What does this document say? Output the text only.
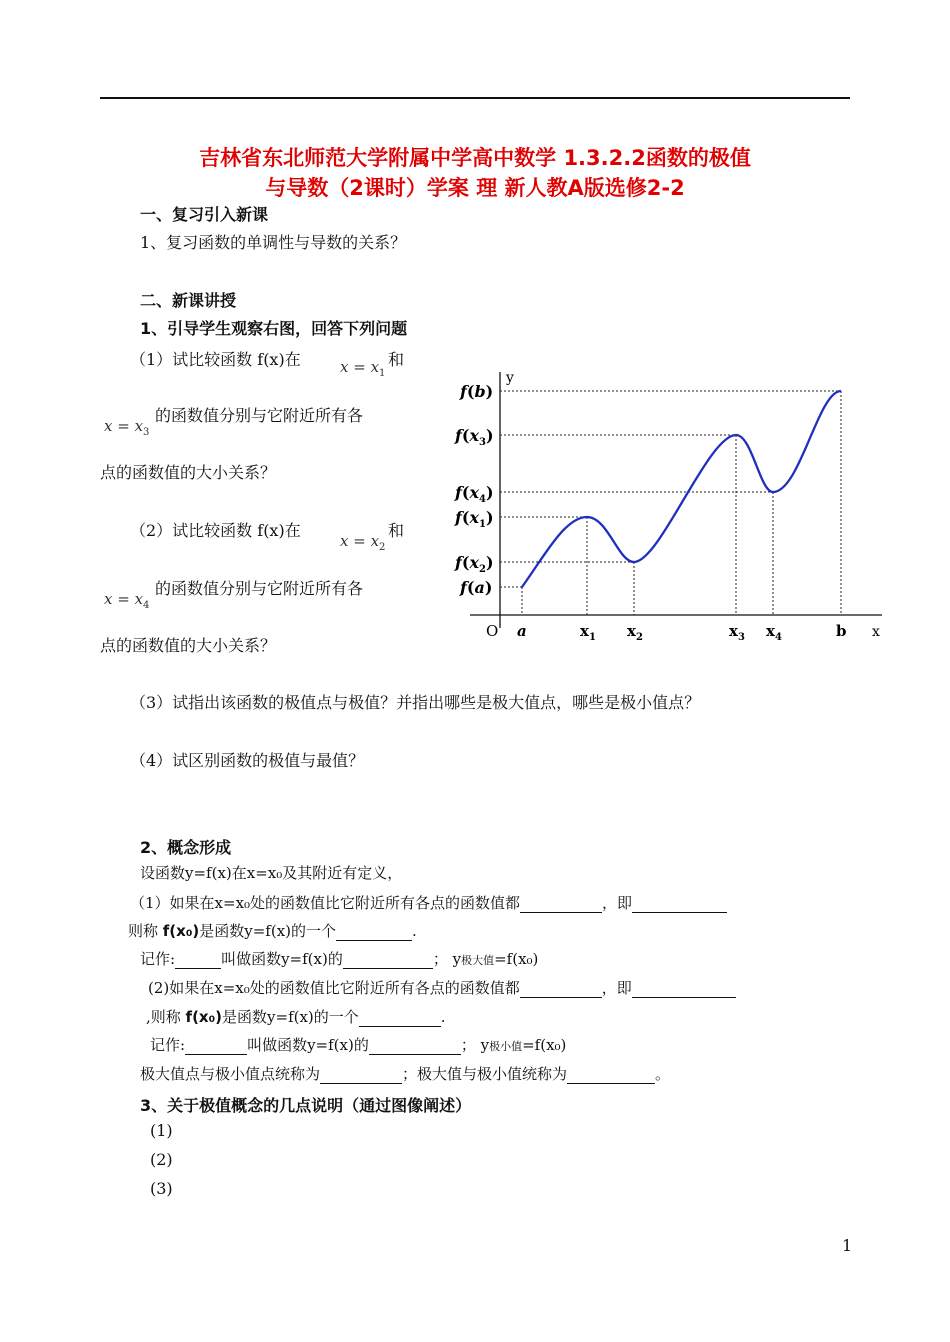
吉林省东北师范大学附属中学高中数学 1.3.2.2函数的极值
与导数（2课时）学案 理 新人教A版选修2-2
一、复习引入新课
1、复习函数的单调性与导数的关系？
二、新课讲授
1、引导学生观察右图，回答下列问题
（1）试比较函数 f(x)在	$x = x_1$
和
$x = x_3$
的函数值分别与它附近所有各
点的函数值的大小关系？
（2）试比较函数 f(x)在
$x = x_2$
和
$x = x_4$
的函数值分别与它附近所有各
点的函数值的大小关系？
y
x
O
f(b)
$f(x_3)$
$f(x_4)$
$f(x_1)$
$f(x_2)$
f(a)
a	$x_1$ $x_2$	$x_3$ $x_4$	b
（3）试指出该函数的极值点与极值？并指出哪些是极大值点，哪些是极小值点？
（4）试区别函数的极值与最值？
2、概念形成
设函数y=f(x)在x=x₀及其附近有定义，
（1）如果在x=x₀处的函数值比它附近所有各点的函数值都	，即
则称 f(x₀)是函数y=f(x)的一个	.
记作:	叫做函数y=f(x)的	； y极大值=f(x₀)
(2)如果在x=x₀处的函数值比它附近所有各点的函数值都	，即
,则称 f(x₀)是函数y=f(x)的一个	.
记作:	叫做函数y=f(x)的	； y极小值=f(x₀)
极大值点与极小值点统称为	；极大值与极小值统称为	。
3、关于极值概念的几点说明（通过图像阐述）
(1)
(2)
(3)
1
